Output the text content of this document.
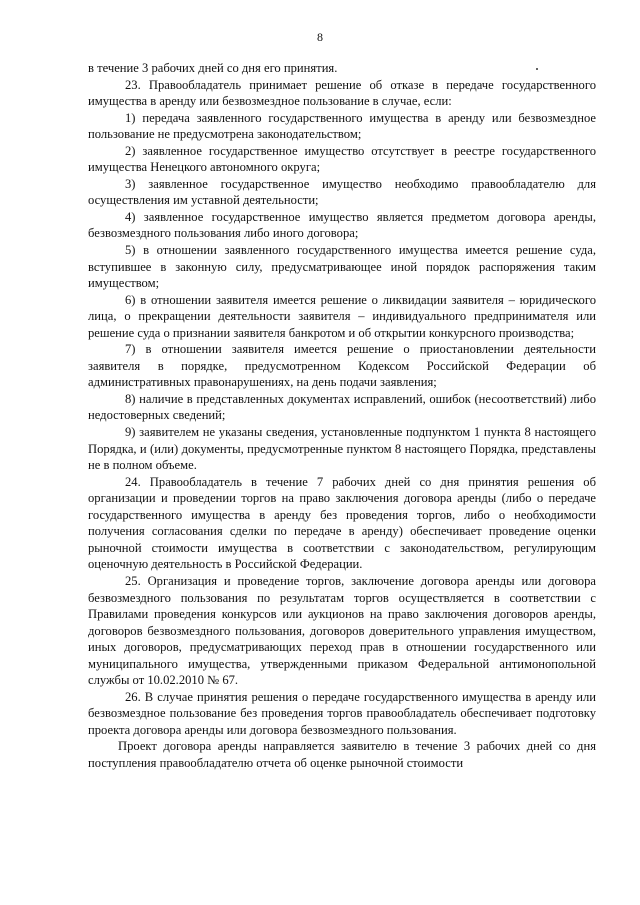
8

в течение 3 рабочих дней со дня его принятия.

23. Правообладатель принимает решение об отказе в передаче государственного имущества в аренду или безвозмездное пользование в случае, если:

1) передача заявленного государственного имущества в аренду или безвозмездное пользование не предусмотрена законодательством;

2) заявленное государственное имущество отсутствует в реестре государственного имущества Ненецкого автономного округа;

3) заявленное государственное имущество необходимо правообладателю для осуществления им уставной деятельности;

4) заявленное государственное имущество является предметом договора аренды, безвозмездного пользования либо иного договора;

5) в отношении заявленного государственного имущества имеется решение суда, вступившее в законную силу, предусматривающее иной порядок распоряжения таким имуществом;

6) в отношении заявителя имеется решение о ликвидации заявителя – юридического лица, о прекращении деятельности заявителя – индивидуального предпринимателя или решение суда о признании заявителя банкротом и об открытии конкурсного производства;

7) в отношении заявителя имеется решение о приостановлении деятельности заявителя в порядке, предусмотренном Кодексом Российской Федерации об административных правонарушениях, на день подачи заявления;

8) наличие в представленных документах исправлений, ошибок (несоответствий) либо недостоверных сведений;

9) заявителем не указаны сведения, установленные подпунктом 1 пункта 8 настоящего Порядка, и (или) документы, предусмотренные пунктом 8 настоящего Порядка, представлены не в полном объеме.

24. Правообладатель в течение 7 рабочих дней со дня принятия решения об организации и проведении торгов на право заключения договора аренды (либо о передаче государственного имущества в аренду без проведения торгов, либо о необходимости получения согласования сделки по передаче в аренду) обеспечивает проведение оценки рыночной стоимости имущества в соответствии с законодательством, регулирующим оценочную деятельность в Российской Федерации.

25. Организация и проведение торгов, заключение договора аренды или договора безвозмездного пользования по результатам торгов осуществляется в соответствии с Правилами проведения конкурсов или аукционов на право заключения договоров аренды, договоров безвозмездного пользования, договоров доверительного управления имуществом, иных договоров, предусматривающих переход прав в отношении государственного или муниципального имущества, утвержденными приказом Федеральной антимонопольной службы от 10.02.2010 № 67.

26. В случае принятия решения о передаче государственного имущества в аренду или безвозмездное пользование без проведения торгов правообладатель обеспечивает подготовку проекта договора аренды или договора безвозмездного пользования.

Проект договора аренды направляется заявителю в течение 3 рабочих дней со дня поступления правообладателю отчета об оценке рыночной стоимости
